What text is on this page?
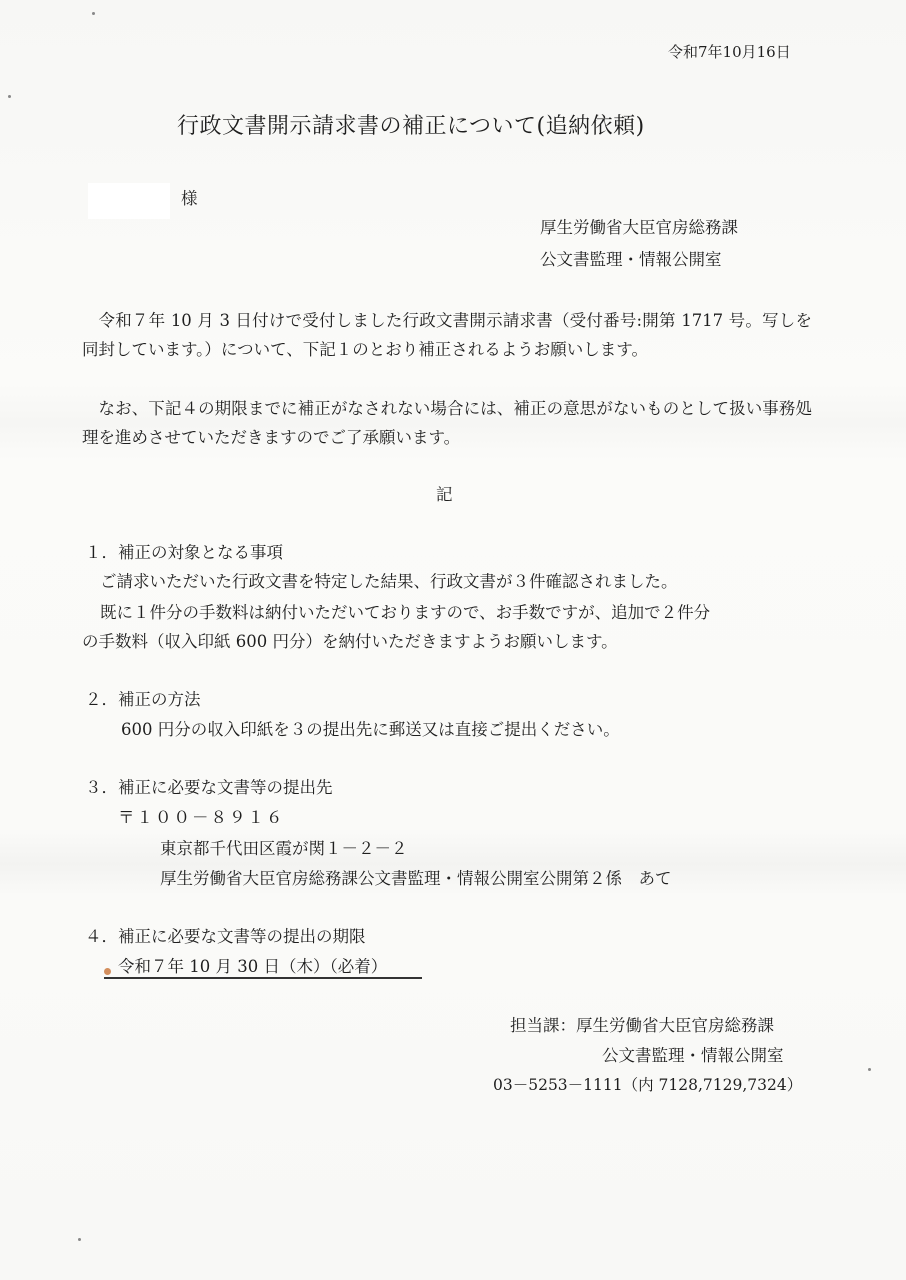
令和7年10月16日
行政文書開示請求書の補正について(追納依頼)
様
厚生労働省大臣官房総務課
公文書監理・情報公開室

令和７年 10 月 3 日付けで受付しました行政文書開示請求書（受付番号:開第 1717 号。写しを同封しています。）について、下記１のとおり補正されるようお願いします。

なお、下記４の期限までに補正がなされない場合には、補正の意思がないものとして扱い事務処理を進めさせていただきますのでご了承願います。

記
１．補正の対象となる事項
ご請求いただいた行政文書を特定した結果、行政文書が３件確認されました。
既に１件分の手数料は納付いただいておりますので、お手数ですが、追加で２件分
の手数料（収入印紙 600 円分）を納付いただきますようお願いします。
２．補正の方法
600 円分の収入印紙を３の提出先に郵送又は直接ご提出ください。
３．補正に必要な文書等の提出先
〒１００－８９１６
東京都千代田区霞が関１－２－２
厚生労働省大臣官房総務課公文書監理・情報公開室公開第２係　あて
４．補正に必要な文書等の提出の期限
令和７年 10 月 30 日（木）（必着）
担当課：厚生労働省大臣官房総務課
公文書監理・情報公開室
03－5253－1111（内 7128,7129,7324）
